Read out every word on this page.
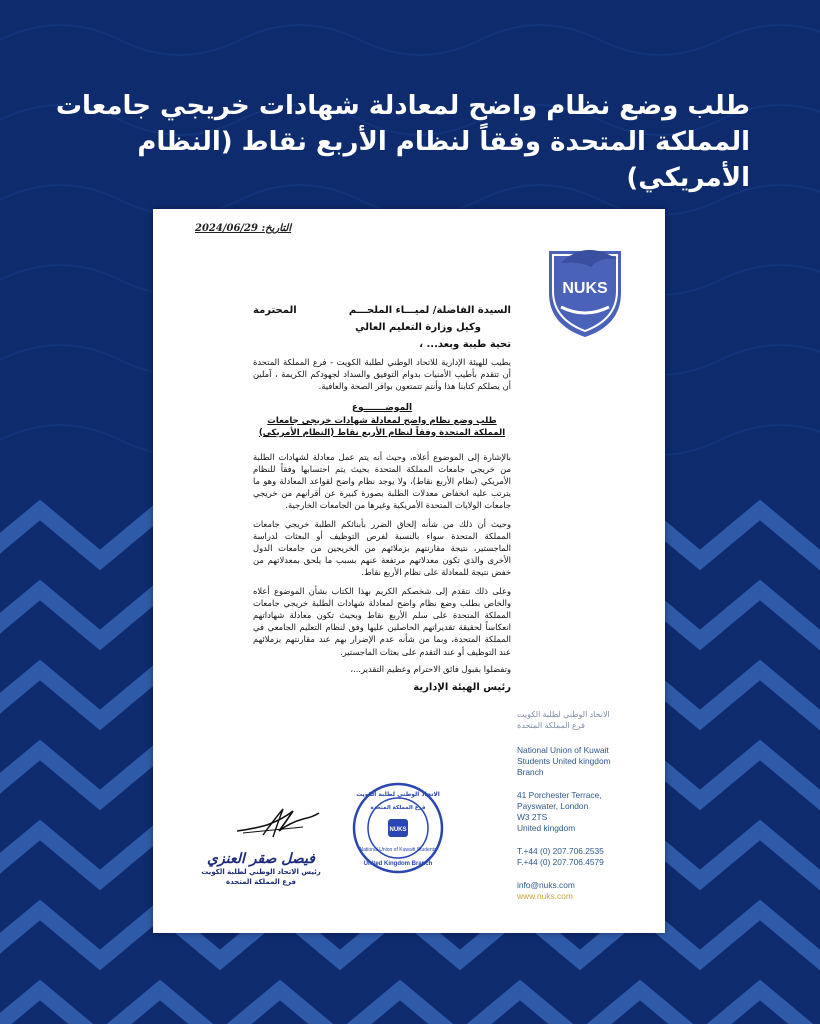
طلب وضع نظام واضح لمعادلة شهادات خريجي جامعات
المملكة المتحدة وفقاً لنظام الأربع نقاط (النظام الأمريكي)
التاريخ: 2024/06/29
NUKS
السيدة الفاضلة/ لميـــاء الملحـــم
المحترمة
وكيل وزارة التعليم العالي
تحية طيبة وبعد... ،

يطيب للهيئة الإدارية للاتحاد الوطني لطلبة الكويت - فرع المملكة المتحدة أن تتقدم بأطيب الأمنيات بدوام التوفيق والسداد لجهودكم الكريمة ، آملين أن يصلكم كتابنا هذا وأنتم تتمتعون بوافر الصحة والعافية.

الموضـــــــوع
طلب وضع نظام واضح لمعادلة شهادات خريجي جامعات المملكة المتحدة وفقاً لنظام الأربع نقاط (النظام الأمريكي)

بالإشارة إلى الموضوع أعلاه، وحيث أنه يتم عمل معادلة لشهادات الطلبة من خريجي جامعات المملكة المتحدة بحيث يتم احتسابها وفقاً للنظام الأمريكي (نظام الأربع نقاط)، ولا يوجد نظام واضح لقواعد المعادلة وهو ما يترتب عليه انخفاض معدلات الطلبة بصورة كبيرة عن أقرانهم من خريجي جامعات الولايات المتحدة الأمريكية وغيرها من الجامعات الخارجية.

وحيث أن ذلك من شأنه إلحاق الضرر بأبنائكم الطلبة خريجي جامعات المملكة المتحدة سواء بالنسبة لفرص التوظيف أو البعثات لدراسة الماجستير، نتيجة مقارنتهم بزملائهم من الخريجين من جامعات الدول الأخرى والذي تكون معدلاتهم مرتفعة عنهم بسبب ما يلحق بمعدلاتهم من خفض نتيجة للمعادلة على نظام الأربع نقاط.

وعلى ذلك نتقدم إلى شخصكم الكريم بهذا الكتاب بشأن الموضوع أعلاه والخاص بطلب وضع نظام واضح لمعادلة شهادات الطلبة خريجي جامعات المملكة المتحدة على سلم الأربع نقاط وبحيث تكون معادلة شهاداتهم انعكاساً لحقيقة تقديراتهم الحاصلين عليها وفق لنظام التعليم الجامعي في المملكة المتحدة، وبما من شأنه عدم الإضرار بهم عند مقارنتهم بزملائهم عند التوظيف أو عند التقدم على بعثات الماجستير.

وتفضلوا بقبول فائق الاحترام وعظيم التقدير...،
رئيس الهيئة الإدارية
الاتحاد الوطني لطلبة الكويت
فرع المملكة المتحدة
NUKS
National Union of Kuwaiti Students
United Kingdom Branch
فيصل صقر العنزي
رئيس الاتحاد الوطني لطلبة الكويت
فرع المملكة المتحدة
الاتحاد الوطني لطلبة الكويت
فرع المملكة المتحدة
National Union of Kuwait
Students United kingdom
Branch
41 Porchester Terrace,
Payswater, London
W3 2TS
United kingdom
T.+44 (0) 207.706.2535
F.+44 (0) 207.706.4579
info@nuks.com
www.nuks.com
